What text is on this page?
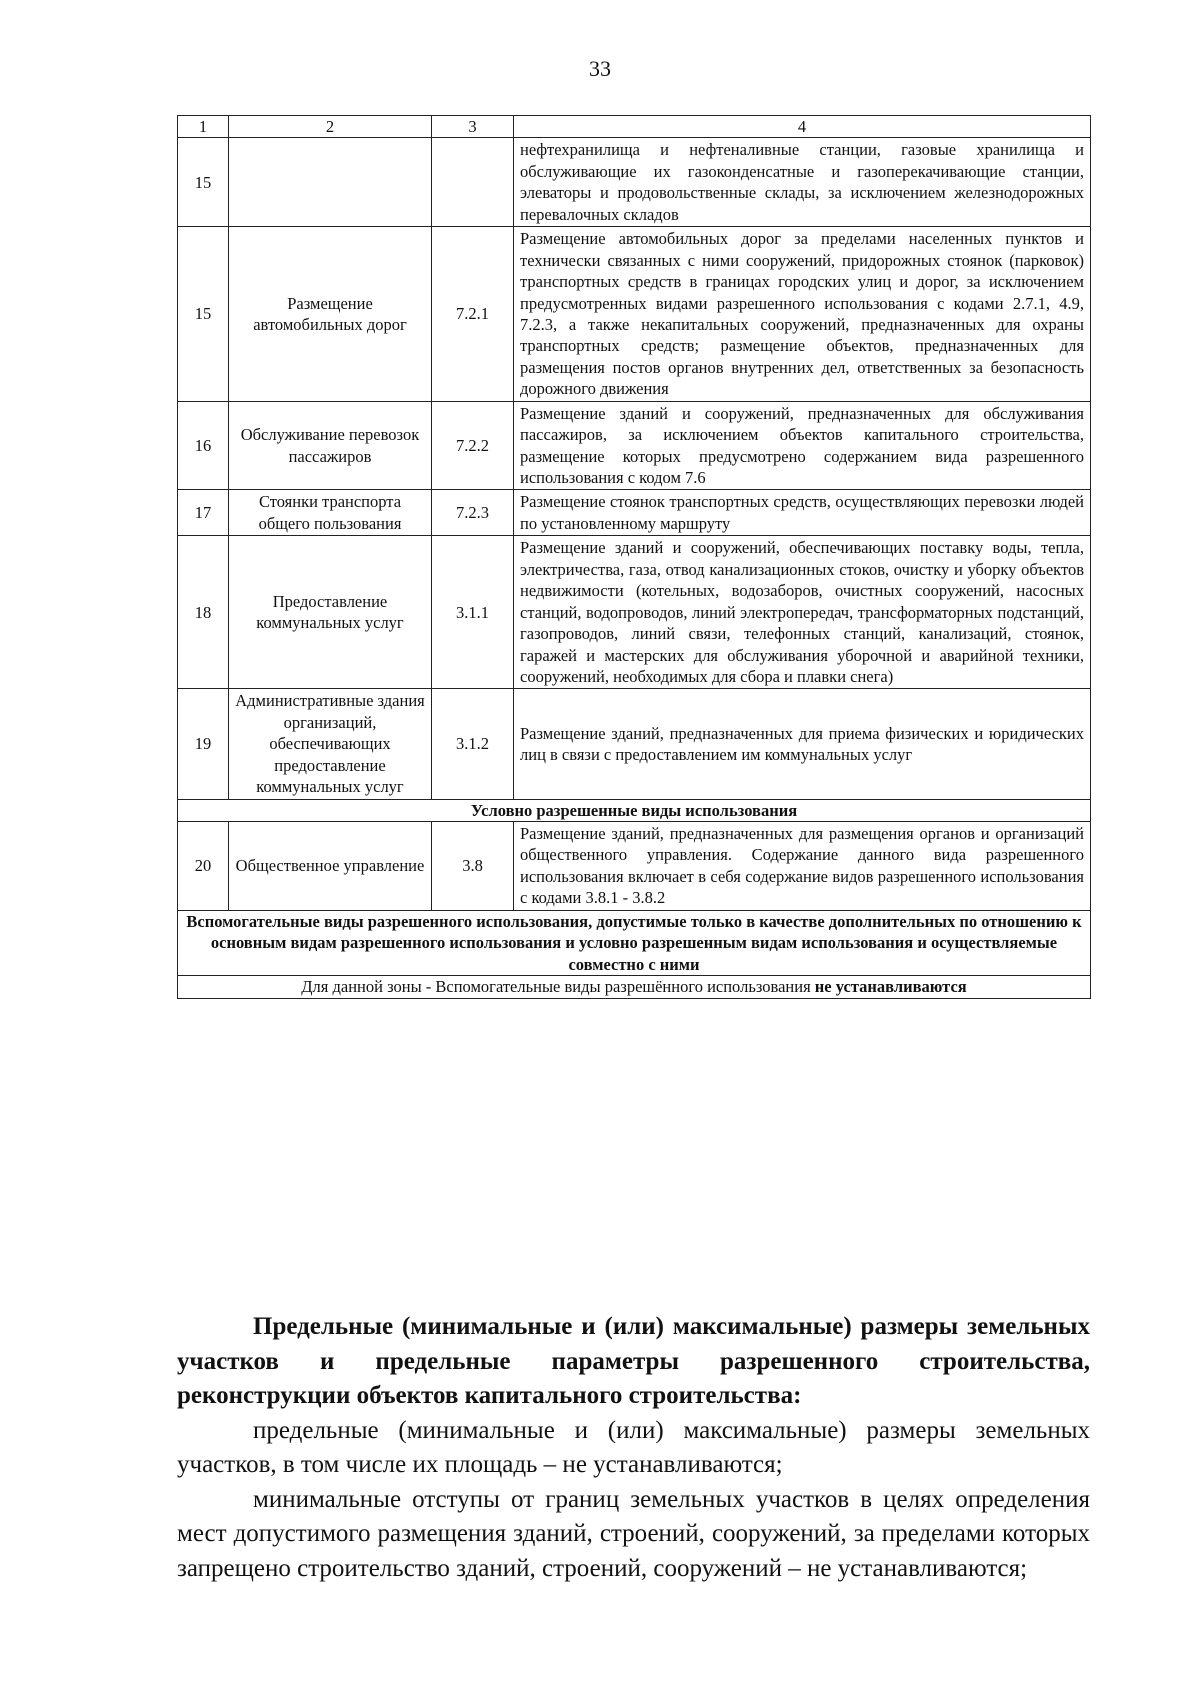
33
1	2	3	4
15			нефтехранилища и нефтеналивные станции, газовые хранилища и обслуживающие их газоконденсатные и газоперекачивающие станции, элеваторы и продовольственные склады, за исключением железнодорожных перевалочных складов
15	Размещение автомобильных дорог	7.2.1	Размещение автомобильных дорог за пределами населенных пунктов и технически связанных с ними сооружений, придорожных стоянок (парковок) транспортных средств в границах городских улиц и дорог, за исключением предусмотренных видами разрешенного использования с кодами 2.7.1, 4.9, 7.2.3, а также некапитальных сооружений, предназначенных для охраны транспортных средств; размещение объектов, предназначенных для размещения постов органов внутренних дел, ответственных за безопасность дорожного движения
16	Обслуживание перевозок пассажиров	7.2.2	Размещение зданий и сооружений, предназначенных для обслуживания пассажиров, за исключением объектов капитального строительства, размещение которых предусмотрено содержанием вида разрешенного использования с кодом 7.6
17	Стоянки транспорта общего пользования	7.2.3	Размещение стоянок транспортных средств, осуществляющих перевозки людей по установленному маршруту
18	Предоставление коммунальных услуг	3.1.1	Размещение зданий и сооружений, обеспечивающих поставку воды, тепла, электричества, газа, отвод канализационных стоков, очистку и уборку объектов недвижимости (котельных, водозаборов, очистных сооружений, насосных станций, водопроводов, линий электропередач, трансформаторных подстанций, газопроводов, линий связи, телефонных станций, канализаций, стоянок, гаражей и мастерских для обслуживания уборочной и аварийной техники, сооружений, необходимых для сбора и плавки снега)
19	Административные здания организаций, обеспечивающих предоставление коммунальных услуг	3.1.2	Размещение зданий, предназначенных для приема физических и юридических лиц в связи с предоставлением им коммунальных услуг
Условно разрешенные виды использования			
20	Общественное управление	3.8	Размещение зданий, предназначенных для размещения органов и организаций общественного управления. Содержание данного вида разрешенного использования включает в себя содержание видов разрешенного использования с кодами 3.8.1 - 3.8.2
Вспомогательные виды разрешенного использования, допустимые только в качестве дополнительных по отношению к основным видам разрешенного использования и условно разрешенным видам использования и осуществляемые совместно с ними			
Для данной зоны - Вспомогательные виды разрешённого использования не устанавливаются			

Предельные (минимальные и (или) максимальные) размеры земельных участков и предельные параметры разрешенного строительства, реконструкции объектов капитального строительства:

предельные (минимальные и (или) максимальные) размеры земельных участков, в том числе их площадь – не устанавливаются;

минимальные отступы от границ земельных участков в целях определения мест допустимого размещения зданий, строений, сооружений, за пределами которых запрещено строительство зданий, строений, сооружений – не устанавливаются;
